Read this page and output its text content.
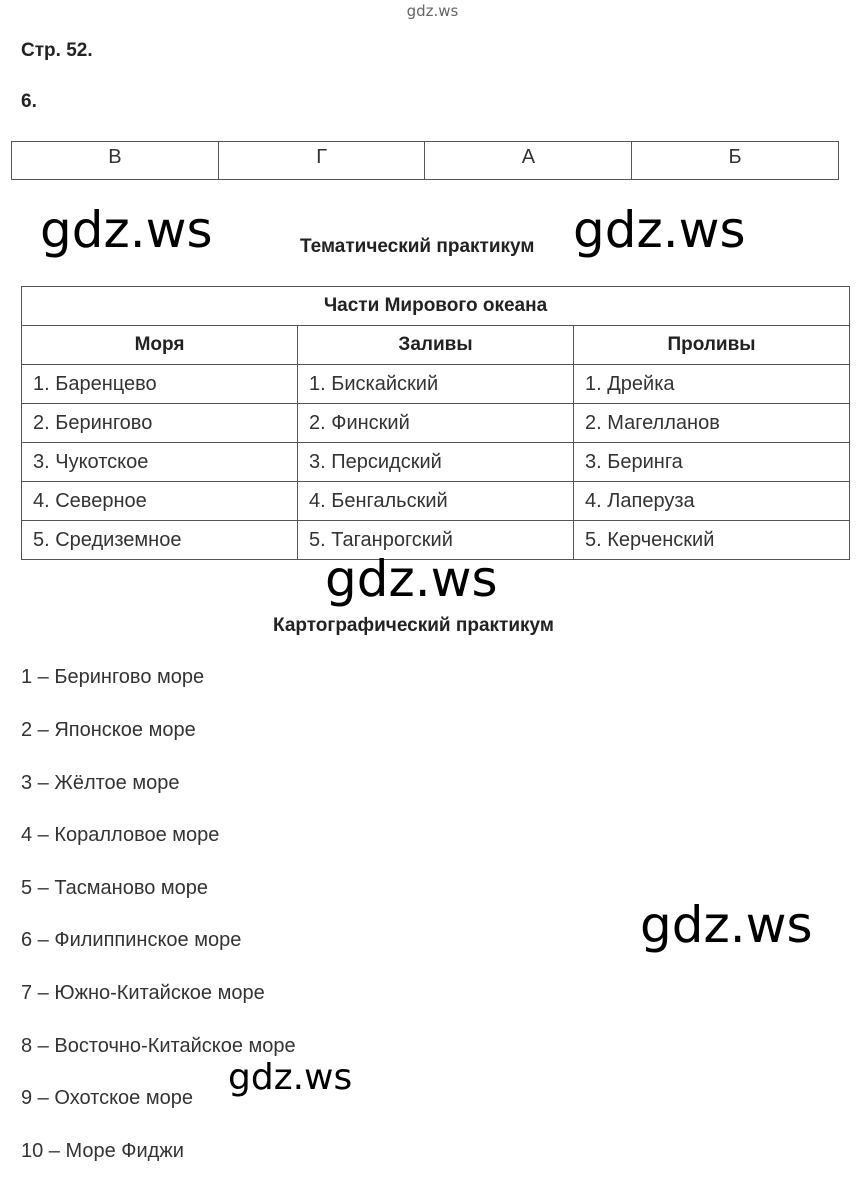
gdz.ws
Стр. 52.
6.
В	Г	А	Б
gdz.ws	Тематический практикум gdz.ws
Части Мирового океана		
Моря	Заливы	Проливы
1. Баренцево	1. Бискайский	1. Дрейка
2. Берингово	2. Финский	2. Магелланов
3. Чукотское	3. Персидский	3. Беринга
4. Северное	4. Бенгальский	4. Лаперуза
5. Средиземное	5. Таганрогский	5. Керченский
gdz.ws
Картографический практикум
1 – Берингово море
2 – Японское море
3 – Жёлтое море
4 – Коралловое море
5 – Тасманово море
6 – Филиппинское море
7 – Южно-Китайское море
8 – Восточно-Китайское море
9 – Охотское море
10 – Море Фиджи
gdz.ws
gdz.ws
